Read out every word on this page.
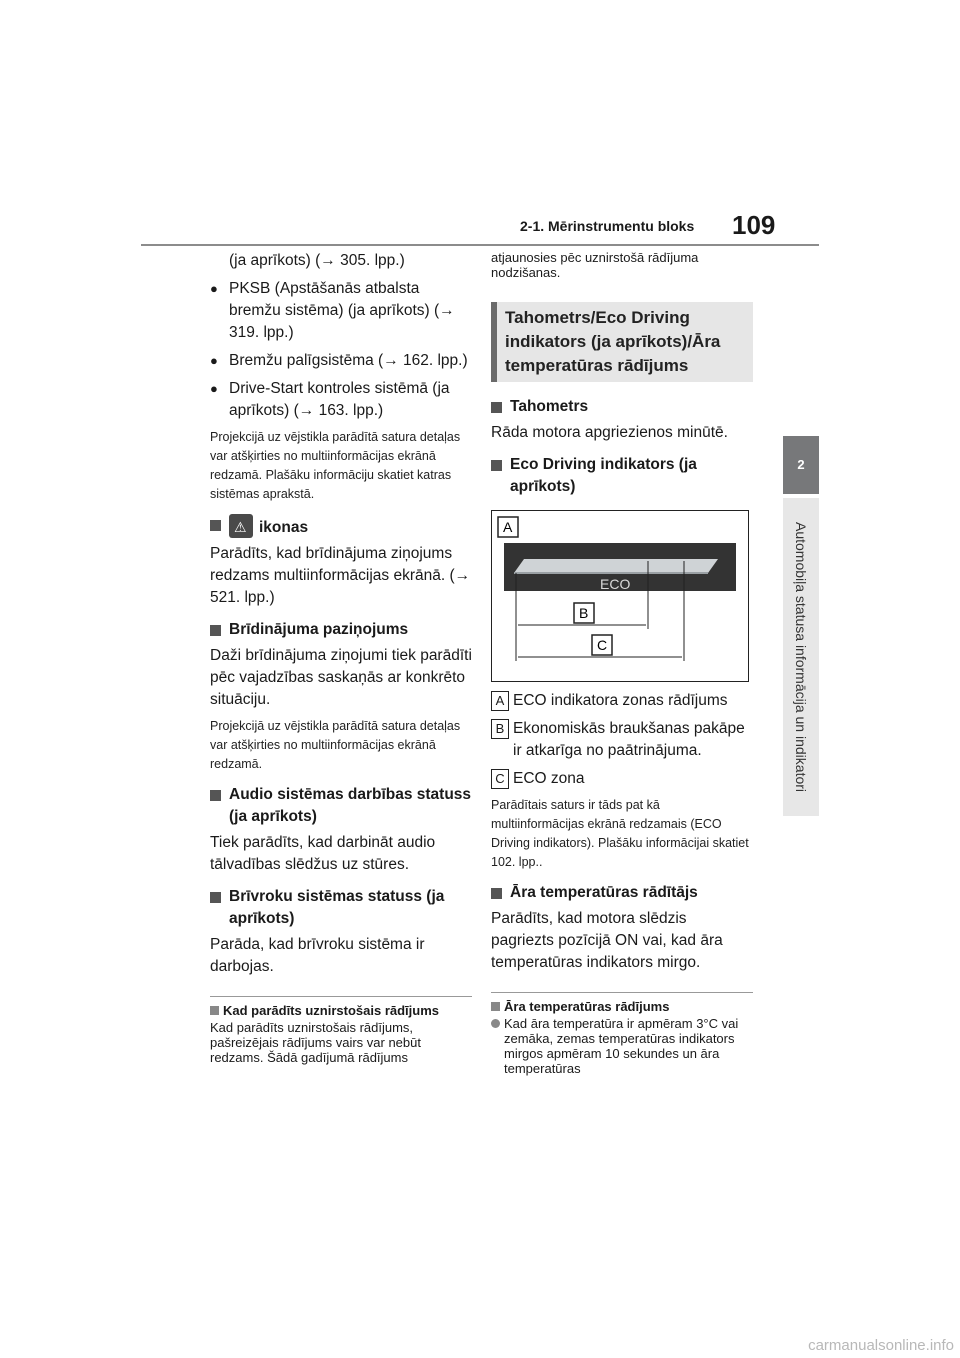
2-1. Mērinstrumentu bloks 109
2
Automobiļa statusa informācija un indikatori

(ja aprīkots) (→ 305. lpp.)

● PKSB (Apstāšanās atbalsta bremžu sistēma) (ja aprīkots) (→ 319. lpp.)

● Bremžu palīgsistēma (→ 162. lpp.)

● Drive-Start kontroles sistēmā (ja aprīkots) (→ 163. lpp.)

Projekcijā uz vējstikla parādītā satura detaļas var atšķirties no multiinformācijas ekrānā redzamā. Plašāku informāciju skatiet katras sistēmas aprakstā.

⚠ikonas

Parādīts, kad brīdinājuma ziņojums redzams multiinformācijas ekrānā. (→ 521. lpp.)

Brīdinājuma paziņojums

Daži brīdinājuma ziņojumi tiek parādīti pēc vajadzības saskaņās ar konkrēto situāciju.

Projekcijā uz vējstikla parādītā satura detaļas var atšķirties no multiinformācijas ekrānā redzamā.

Audio sistēmas darbības statuss (ja aprīkots)

Tiek parādīts, kad darbināt audio tālvadības slēdžus uz stūres.

Brīvroku sistēmas statuss (ja aprīkots)

Parāda, kad brīvroku sistēma ir darbojas.

Kad parādīts uznirstošais rādījums

Kad parādīts uznirstošais rādījums, pašreizējais rādījums vairs var nebūt redzams. Šādā gadījumā rādījums

atjaunosies pēc uznirstošā rādījuma nodzišanas.

Tahometrs/Eco Driving indikators (ja aprīkots)/Āra temperatūras rādījums
Tahometrs

Rāda motora apgriezienos minūtē.

Eco Driving indikators (ja aprīkots)
ECO
A
B
C

A ECO indikatora zonas rādījums

B Ekonomiskās braukšanas pakāpe ir atkarīga no paātrinājuma.

C ECO zona

Parādītais saturs ir tāds pat kā multiinformācijas ekrānā redzamais (ECO Driving indikators). Plašāku informācijai skatiet 102. lpp..

Āra temperatūras rādītājs

Parādīts, kad motora slēdzis pagriezts pozīcijā ON vai, kad āra temperatūras indikators mirgo.

Āra temperatūras rādījums

Kad āra temperatūra ir apmēram 3°C vai zemāka, zemas temperatūras indikators mirgos apmēram 10 sekundes un āra temperatūras

carmanualsonline.info
